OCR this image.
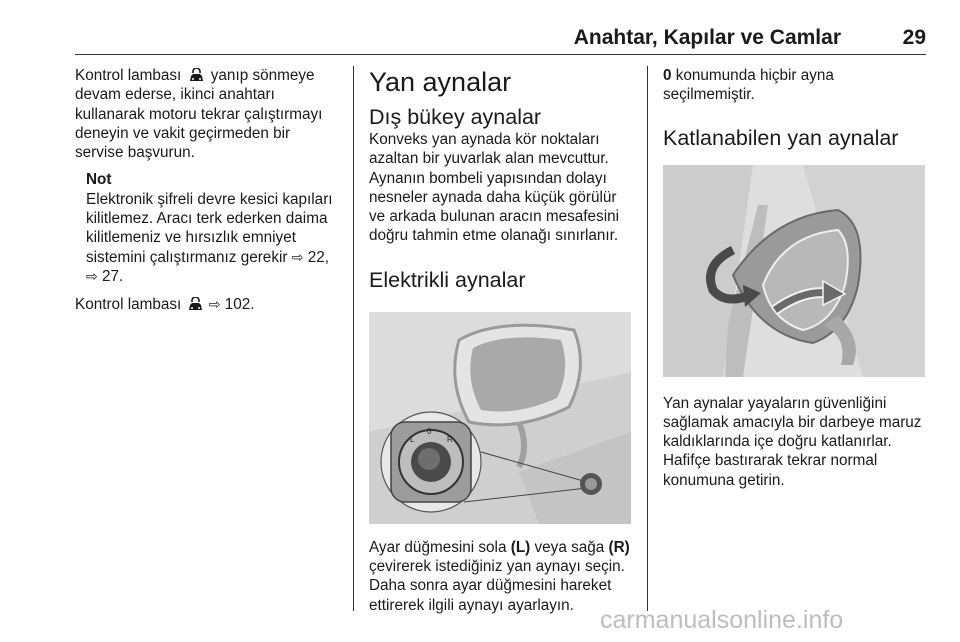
Anahtar, Kapılar ve Camlar	29

Kontrol lambası  yanıp sönmeye devam ederse, ikinci anahtarı kullanarak motoru tekrar çalıştırmayı deneyin ve vakit geçirmeden bir servise başvurun.

Not

Elektronik şifreli devre kesici kapıları kilitlemez. Aracı terk ederken daima kilitlemeniz ve hırsızlık emniyet sistemini çalıştırmanız gerekir ⇨ 22, ⇨ 27.

Kontrol lambası ⇨ 102.

Yan aynalar
Dış bükey aynalar

Konveks yan aynada kör noktaları azaltan bir yuvarlak alan mevcuttur. Aynanın bombeli yapısından dolayı nesneler aynada daha küçük görülür ve arkada bulunan aracın mesafesini doğru tahmin etme olanağı sınırlanır.

Elektrikli aynalar
L
0
R

Ayar düğmesini sola (L) veya sağa (R) çevirerek istediğiniz yan aynayı seçin. Daha sonra ayar düğmesini hareket ettirerek ilgili aynayı ayarlayın.

0 konumunda hiçbir ayna seçilmemiştir.

Katlanabilen yan aynalar

Yan aynalar yayaların güvenliğini sağlamak amacıyla bir darbeye maruz kaldıklarında içe doğru katlanırlar. Hafifçe bastırarak tekrar normal konumuna getirin.

carmanualsonline.info
